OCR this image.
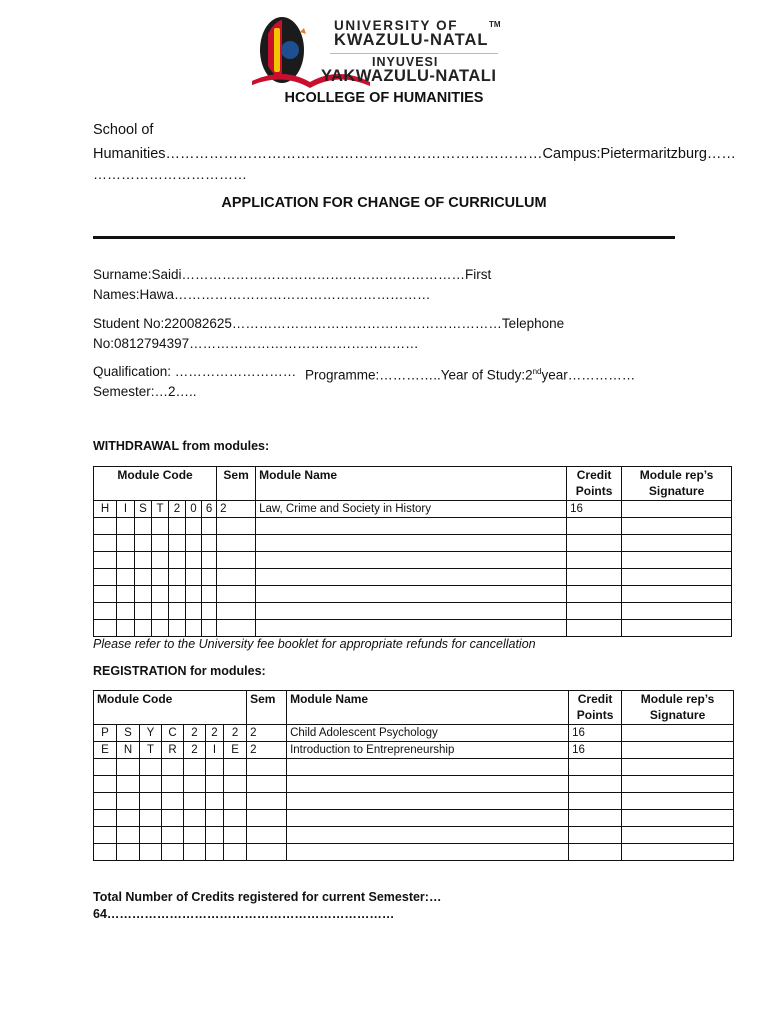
UNIVERSITY OF	TM
KWAZULU-NATAL
INYUVESI
YAKWAZULU-NATALI
HCOLLEGE OF HUMANITIES
School of
Humanities……………………………………………………………………Campus:Pietermaritzburg……
……………………………
APPLICATION FOR CHANGE OF CURRICULUM
Surname:Saidi………………………………………………………First
Names:Hawa…………………………………………………
Student No:220082625……………………………………………………Telephone
No:0812794397……………………………………………
Qualification: ……………………… Programme:…………..Year of Study:2ndyear……………
Semester:…2…..
WITHDRAWAL from modules:
Module Code							Sem	Module Name	Credit Points	Module rep’s Signature
H	I	S	T	2	0	6	2	Law, Crime and Society in History	16	

Please refer to the University fee booklet for appropriate refunds for cancellation
REGISTRATION for modules:
Module Code							Sem	Module Name	Credit Points	Module rep’s Signature
P	S	Y	C	2	2	2	2	Child Adolescent Psychology	16	
E	N	T	R	2	I	E	2	Introduction to Entrepreneurship	16	

Total Number of Credits registered for current Semester:…
64……………………………………………………………
